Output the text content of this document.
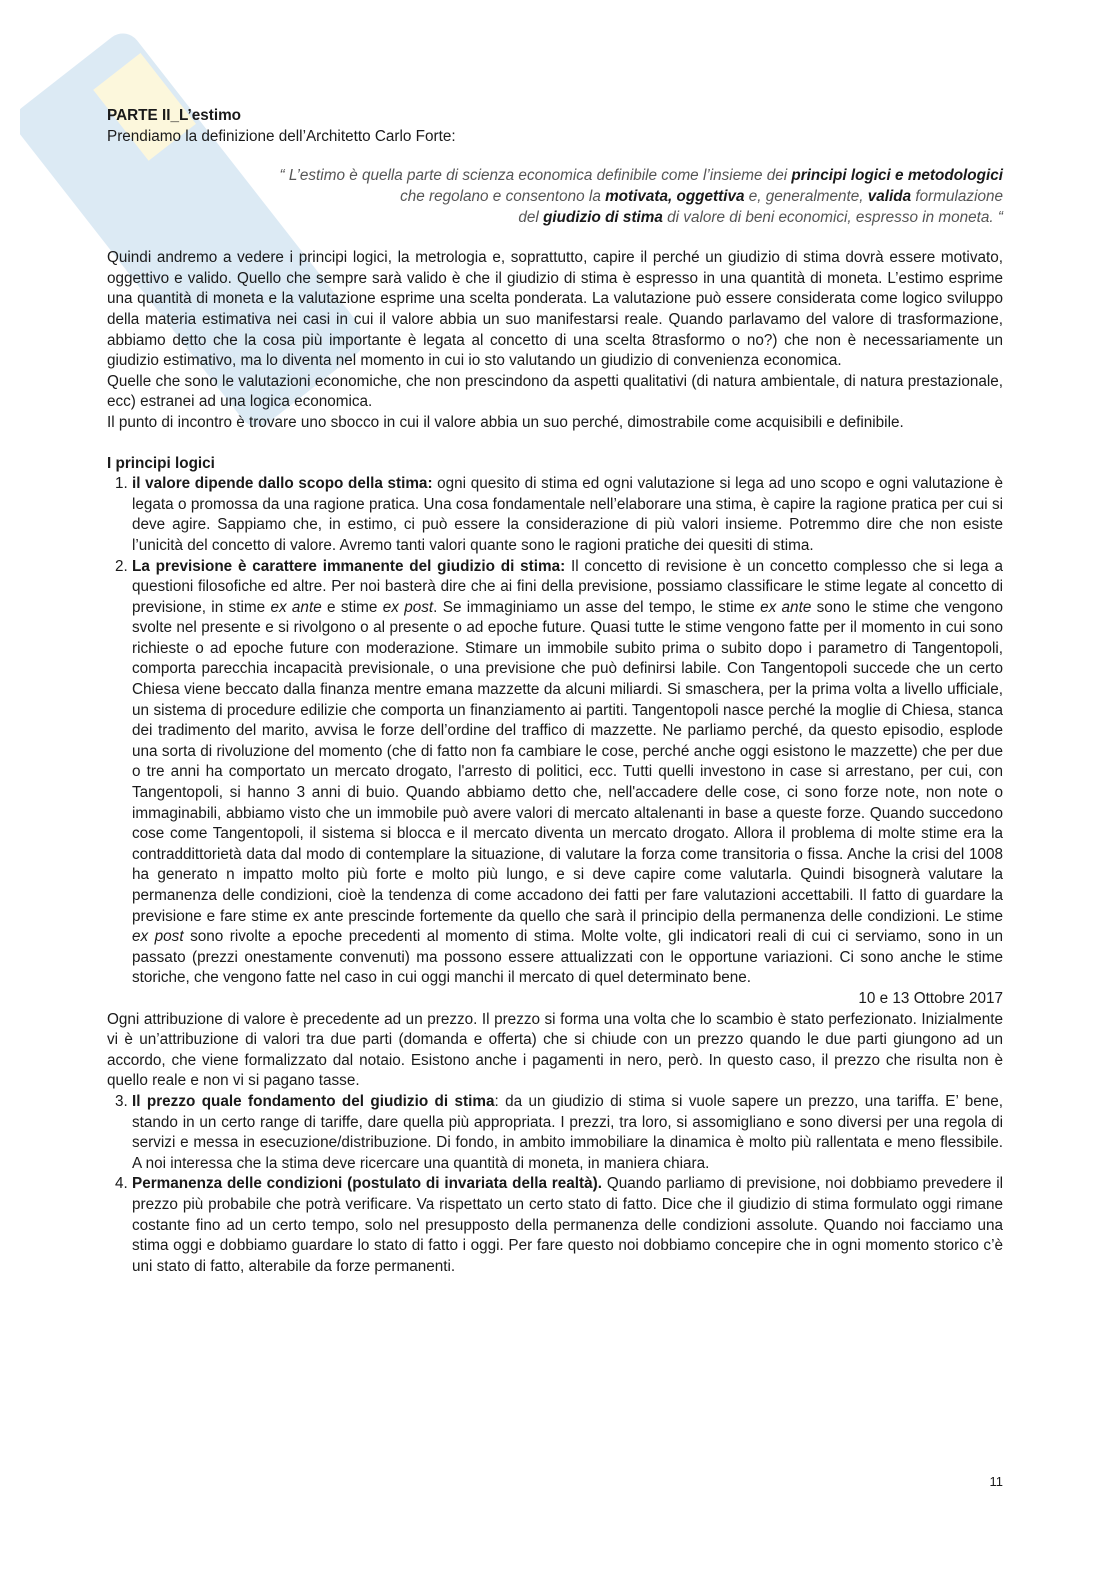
PARTE II_L’estimo

Prendiamo la definizione dell’Architetto Carlo Forte:

“ L’estimo è quella parte di scienza economica definibile come l’insieme dei principi logici e metodologici
che regolano e consentono la motivata, oggettiva e, generalmente, valida formulazione
del giudizio di stima di valore di beni economici, espresso in moneta. “

Quindi andremo a vedere i principi logici, la metrologia e, soprattutto, capire il perché un giudizio di stima dovrà essere motivato, oggettivo e valido. Quello che sempre sarà valido è che il giudizio di stima è espresso in una quantità di moneta. L’estimo esprime una quantità di moneta e la valutazione esprime una scelta ponderata. La valutazione può essere considerata come logico sviluppo della materia estimativa nei casi in cui il valore abbia un suo manifestarsi reale. Quando parlavamo del valore di trasformazione, abbiamo detto che la cosa più importante è legata al concetto di una scelta 8trasformo o no?) che non è necessariamente un giudizio estimativo, ma lo diventa nel momento in cui io sto valutando un giudizio di convenienza economica.

Quelle che sono le valutazioni economiche, che non prescindono da aspetti qualitativi (di natura ambientale, di natura prestazionale, ecc) estranei ad una logica economica.

Il punto di incontro è trovare uno sbocco in cui il valore abbia un suo perché, dimostrabile come acquisibili e definibile.

I principi logici

1. il valore dipende dallo scopo della stima: ogni quesito di stima ed ogni valutazione si lega ad uno scopo e ogni valutazione è legata o promossa da una ragione pratica. Una cosa fondamentale nell’elaborare una stima, è capire la ragione pratica per cui si deve agire. Sappiamo che, in estimo, ci può essere la considerazione di più valori insieme. Potremmo dire che non esiste l’unicità del concetto di valore. Avremo tanti valori quante sono le ragioni pratiche dei quesiti di stima.
2. La previsione è carattere immanente del giudizio di stima: Il concetto di revisione è un concetto complesso che si lega a questioni filosofiche ed altre. Per noi basterà dire che ai fini della previsione, possiamo classificare le stime legate al concetto di previsione, in stime ex ante e stime ex post. Se immaginiamo un asse del tempo, le stime ex ante sono le stime che vengono svolte nel presente e si rivolgono o al presente o ad epoche future. Quasi tutte le stime vengono fatte per il momento in cui sono richieste o ad epoche future con moderazione. Stimare un immobile subito prima o subito dopo i parametro di Tangentopoli, comporta parecchia incapacità previsionale, o una previsione che può definirsi labile. Con Tangentopoli succede che un certo Chiesa viene beccato dalla finanza mentre emana mazzette da alcuni miliardi. Si smaschera, per la prima volta a livello ufficiale, un sistema di procedure edilizie che comporta un finanziamento ai partiti. Tangentopoli nasce perché la moglie di Chiesa, stanca dei tradimento del marito, avvisa le forze dell’ordine del traffico di mazzette. Ne parliamo perché, da questo episodio, esplode una sorta di rivoluzione del momento (che di fatto non fa cambiare le cose, perché anche oggi esistono le mazzette) che per due o tre anni ha comportato un mercato drogato, l'arresto di politici, ecc. Tutti quelli investono in case si arrestano, per cui, con Tangentopoli, si hanno 3 anni di buio. Quando abbiamo detto che, nell'accadere delle cose, ci sono forze note, non note o immaginabili, abbiamo visto che un immobile può avere valori di mercato altalenanti in base a queste forze. Quando succedono cose come Tangentopoli, il sistema si blocca e il mercato diventa un mercato drogato. Allora il problema di molte stime era la contraddittorietà data dal modo di contemplare la situazione, di valutare la forza come transitoria o fissa. Anche la crisi del 1008 ha generato n impatto molto più forte e molto più lungo, e si deve capire come valutarla. Quindi bisognerà valutare la permanenza delle condizioni, cioè la tendenza di come accadono dei fatti per fare valutazioni accettabili. Il fatto di guardare la previsione e fare stime ex ante prescinde fortemente da quello che sarà il principio della permanenza delle condizioni. Le stime ex post sono rivolte a epoche precedenti al momento di stima. Molte volte, gli indicatori reali di cui ci serviamo, sono in un passato (prezzi onestamente convenuti) ma possono essere attualizzati con le opportune variazioni. Ci sono anche le stime storiche, che vengono fatte nel caso in cui oggi manchi il mercato di quel determinato bene.

10 e 13 Ottobre 2017

Ogni attribuzione di valore è precedente ad un prezzo. Il prezzo si forma una volta che lo scambio è stato perfezionato. Inizialmente vi è un’attribuzione di valori tra due parti (domanda e offerta) che si chiude con un prezzo quando le due parti giungono ad un accordo, che viene formalizzato dal notaio. Esistono anche i pagamenti in nero, però. In questo caso, il prezzo che risulta non è quello reale e non vi si pagano tasse.

3. Il prezzo quale fondamento del giudizio di stima: da un giudizio di stima si vuole sapere un prezzo, una tariffa. E’ bene, stando in un certo range di tariffe, dare quella più appropriata. I prezzi, tra loro, si assomigliano e sono diversi per una regola di servizi e messa in esecuzione/distribuzione. Di fondo, in ambito immobiliare la dinamica è molto più rallentata e meno flessibile. A noi interessa che la stima deve ricercare una quantità di moneta, in maniera chiara.
4. Permanenza delle condizioni (postulato di invariata della realtà). Quando parliamo di previsione, noi dobbiamo prevedere il prezzo più probabile che potrà verificare. Va rispettato un certo stato di fatto. Dice che il giudizio di stima formulato oggi rimane costante fino ad un certo tempo, solo nel presupposto della permanenza delle condizioni assolute. Quando noi facciamo una stima oggi e dobbiamo guardare lo stato di fatto i oggi. Per fare questo noi dobbiamo concepire che in ogni momento storico c’è uni stato di fatto, alterabile da forze permanenti.
11
